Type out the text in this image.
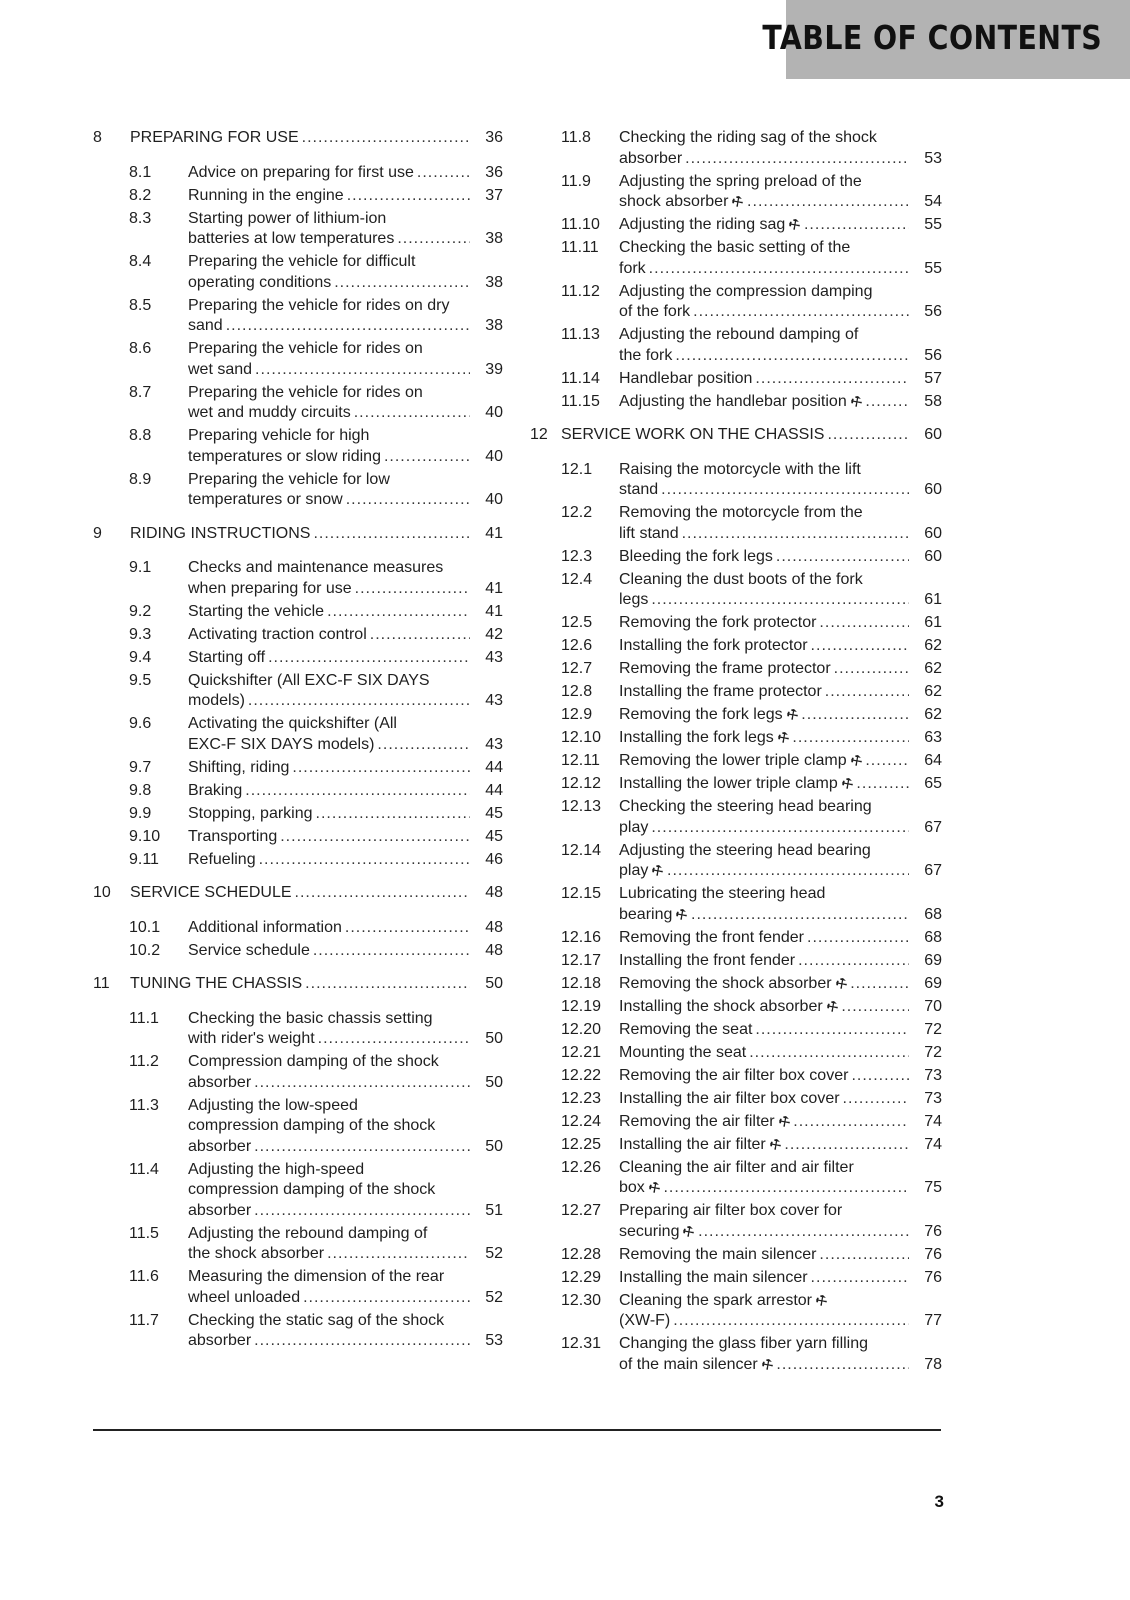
TABLE OF CONTENTS
8 PREPARING FOR USE .....	36
8.1 Advice on preparing for first use .....	36
8.2 Running in the engine .....	37
8.3 Starting power of lithium-ion
batteries at low temperatures .....	38
8.4 Preparing the vehicle for difficult
operating conditions .....	38
8.5 Preparing the vehicle for rides on dry
sand .....	38
8.6 Preparing the vehicle for rides on
wet sand .....	39
8.7 Preparing the vehicle for rides on
wet and muddy circuits .....	40
8.8 Preparing vehicle for high
temperatures or slow riding .....	40
8.9 Preparing the vehicle for low
temperatures or snow .....	40
9 RIDING INSTRUCTIONS .....	41
9.1 Checks and maintenance measures
when preparing for use .....	41
9.2 Starting the vehicle .....	41
9.3 Activating traction control .....	42
9.4 Starting off .....	43
9.5 Quickshifter (All EXC-F SIX DAYS
models) .....	43
9.6 Activating the quickshifter (All
EXC-F SIX DAYS models) .....	43
9.7 Shifting, riding .....	44
9.8 Braking .....	44
9.9 Stopping, parking .....	45
9.10 Transporting .....	45
9.11 Refueling .....	46
10 SERVICE SCHEDULE .....	48
10.1 Additional information .....	48
10.2 Service schedule .....	48
11 TUNING THE CHASSIS .....	50
11.1 Checking the basic chassis setting
with rider's weight .....	50
11.2 Compression damping of the shock
absorber .....	50
11.3 Adjusting the low-speed
compression damping of the shock
absorber .....	50
11.4 Adjusting the high-speed
compression damping of the shock
absorber .....	51
11.5 Adjusting the rebound damping of
the shock absorber .....	52
11.6 Measuring the dimension of the rear
wheel unloaded .....	52
11.7 Checking the static sag of the shock
absorber .....	53
11.8 Checking the riding sag of the shock
absorber .....	53
11.9 Adjusting the spring preload of the
shock absorber ⚒ .....	54
11.10 Adjusting the riding sag ⚒ .....	55
11.11 Checking the basic setting of the
fork .....	55
11.12 Adjusting the compression damping
of the fork .....	56
11.13 Adjusting the rebound damping of
the fork .....	56
11.14 Handlebar position .....	57
11.15 Adjusting the handlebar position ⚒ .....	58
12 SERVICE WORK ON THE CHASSIS .....	60
12.1 Raising the motorcycle with the lift
stand .....	60
12.2 Removing the motorcycle from the
lift stand .....	60
12.3 Bleeding the fork legs .....	60
12.4 Cleaning the dust boots of the fork
legs .....	61
12.5 Removing the fork protector .....	61
12.6 Installing the fork protector .....	62
12.7 Removing the frame protector .....	62
12.8 Installing the frame protector .....	62
12.9 Removing the fork legs ⚒ .....	62
12.10 Installing the fork legs ⚒ .....	63
12.11 Removing the lower triple clamp ⚒ .....	64
12.12 Installing the lower triple clamp ⚒ .....	65
12.13 Checking the steering head bearing
play .....	67
12.14 Adjusting the steering head bearing
play ⚒ .....	67
12.15 Lubricating the steering head
bearing ⚒ .....	68
12.16 Removing the front fender .....	68
12.17 Installing the front fender .....	69
12.18 Removing the shock absorber ⚒ .....	69
12.19 Installing the shock absorber ⚒ .....	70
12.20 Removing the seat .....	72
12.21 Mounting the seat .....	72
12.22 Removing the air filter box cover .....	73
12.23 Installing the air filter box cover .....	73
12.24 Removing the air filter ⚒ .....	74
12.25 Installing the air filter ⚒ .....	74
12.26 Cleaning the air filter and air filter
box ⚒ .....	75
12.27 Preparing air filter box cover for
securing ⚒ .....	76
12.28 Removing the main silencer .....	76
12.29 Installing the main silencer .....	76
12.30 Cleaning the spark arrestor ⚒
(XW-F) .....	77
12.31 Changing the glass fiber yarn filling
of the main silencer ⚒ .....	78
3
